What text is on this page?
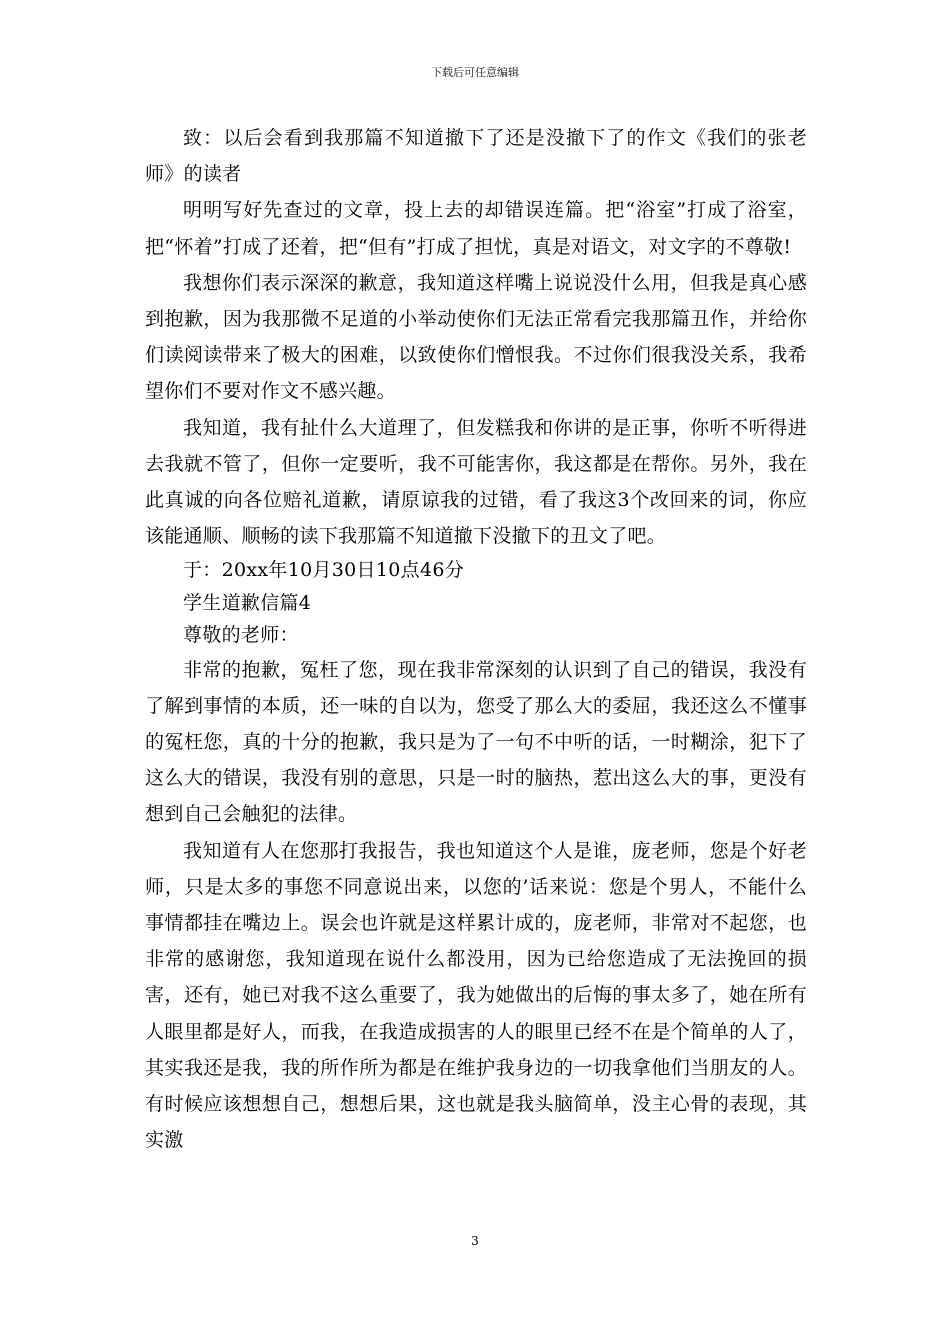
下载后可任意编辑

致：以后会看到我那篇不知道撤下了还是没撤下了的作文《我们的张老师》的读者

明明写好先查过的文章，投上去的却错误连篇。把“浴室”打成了浴室，把“怀着”打成了还着，把“但有”打成了担忧，真是对语文，对文字的不尊敬!

我想你们表示深深的歉意，我知道这样嘴上说说没什么用，但我是真心感到抱歉，因为我那微不足道的小举动使你们无法正常看完我那篇丑作，并给你们读阅读带来了极大的困难，以致使你们憎恨我。不过你们很我没关系，我希望你们不要对作文不感兴趣。

我知道，我有扯什么大道理了，但发糕我和你讲的是正事，你听不听得进去我就不管了，但你一定要听，我不可能害你，我这都是在帮你。另外，我在此真诚的向各位赔礼道歉，请原谅我的过错，看了我这3个改回来的词，你应该能通顺、顺畅的读下我那篇不知道撤下没撤下的丑文了吧。

于：20xx年10月30日10点46分

学生道歉信篇4

尊敬的老师：

非常的抱歉，冤枉了您，现在我非常深刻的认识到了自己的错误，我没有了解到事情的本质，还一味的自以为，您受了那么大的委屈，我还这么不懂事的冤枉您，真的十分的抱歉，我只是为了一句不中听的话，一时糊涂，犯下了这么大的错误，我没有别的意思，只是一时的脑热，惹出这么大的事，更没有想到自己会触犯的法律。

我知道有人在您那打我报告，我也知道这个人是谁，庞老师，您是个好老师，只是太多的事您不同意说出来，以您的’话来说：您是个男人，不能什么事情都挂在嘴边上。误会也许就是这样累计成的，庞老师，非常对不起您，也非常的感谢您，我知道现在说什么都没用，因为已给您造成了无法挽回的损害，还有，她已对我不这么重要了，我为她做出的后悔的事太多了，她在所有人眼里都是好人，而我，在我造成损害的人的眼里已经不在是个简单的人了，其实我还是我，我的所作所为都是在维护我身边的一切我拿他们当朋友的人。有时候应该想想自己，想想后果，这也就是我头脑简单，没主心骨的表现，其实激

3
